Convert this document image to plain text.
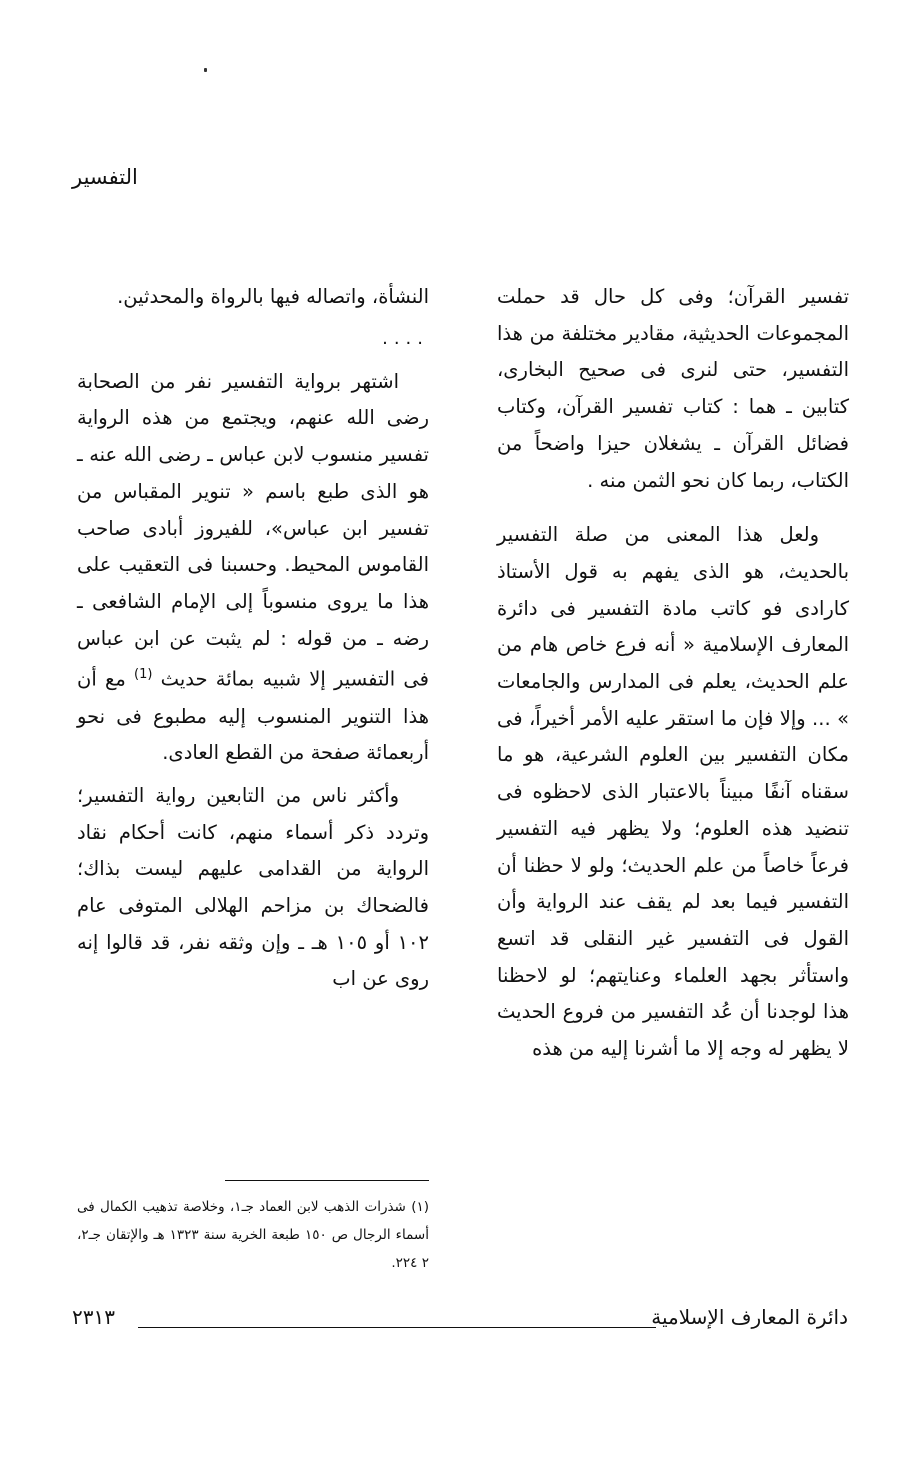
التفسير

تفسير القرآن؛ وفى كل حال قد حملت المجموعات الحديثية، مقادير مختلفة من هذا التفسير، حتى لنرى فى صحيح البخارى، كتابين ـ هما : كتاب تفسير القرآن، وكتاب فضائل القرآن ـ يشغلان حيزا واضحاً من الكتاب، ربما كان نحو الثمن منه .

ولعل هذا المعنى من صلة التفسير بالحديث، هو الذى يفهم به قول الأستاذ كارادى فو كاتب مادة التفسير فى دائرة المعارف الإسلامية « أنه فرع خاص هام من علم الحديث، يعلم فى المدارس والجامعات » ... وإلا فإن ما استقر عليه الأمر أخيراً، فى مكان التفسير بين العلوم الشرعية، هو ما سقناه آنفًا مبيناً بالاعتبار الذى لاحظوه فى تنضيد هذه العلوم؛ ولا يظهر فيه التفسير فرعاً خاصاً من علم الحديث؛ ولو لا حظنا أن التفسير فيما بعد لم يقف عند الرواية وأن القول فى التفسير غير النقلى قد اتسع واستأثر بجهد العلماء وعنايتهم؛ لو لاحظنا هذا لوجدنا أن عُد التفسير من فروع الحديث لا يظهر له وجه إلا ما أشرنا إليه من هذه

النشأة، واتصاله فيها بالرواة والمحدثين.

....

اشتهر برواية التفسير نفر من الصحابة رضى الله عنهم، ويجتمع من هذه الرواية تفسير منسوب لابن عباس ـ رضى الله عنه ـ هو الذى طبع باسم « تنوير المقباس من تفسير ابن عباس»، للفيروز أبادى صاحب القاموس المحيط. وحسبنا فى التعقيب على هذا ما يروى منسوباً إلى الإمام الشافعى ـ رضه ـ من قوله : لم يثبت عن ابن عباس فى التفسير إلا شبيه بمائة حديث $^{(1)}$ مع أن هذا التنوير المنسوب إليه مطبوع فى نحو أربعمائة صفحة من القطع العادى.

وأكثر ناس من التابعين رواية التفسير؛ وتردد ذكر أسماء منهم، كانت أحكام نقاد الرواية من القدامى عليهم ليست بذاك؛ فالضحاك بن مزاحم الهلالى المتوفى عام ١٠٢ أو ١٠٥ هـ ـ وإن وثقه نفر، قد قالوا إنه روى عن اب

(١) شذرات الذهب لابن العماد جـ١، وخلاصة تذهيب الكمال فى أسماء الرجال ص ١٥٠ طبعة الخرية سنة ١٣٢٣ هـ والإتقان جـ٢، ٢ ٢٢٤.
دائرة المعارف الإسلامية
٢٣١٣
